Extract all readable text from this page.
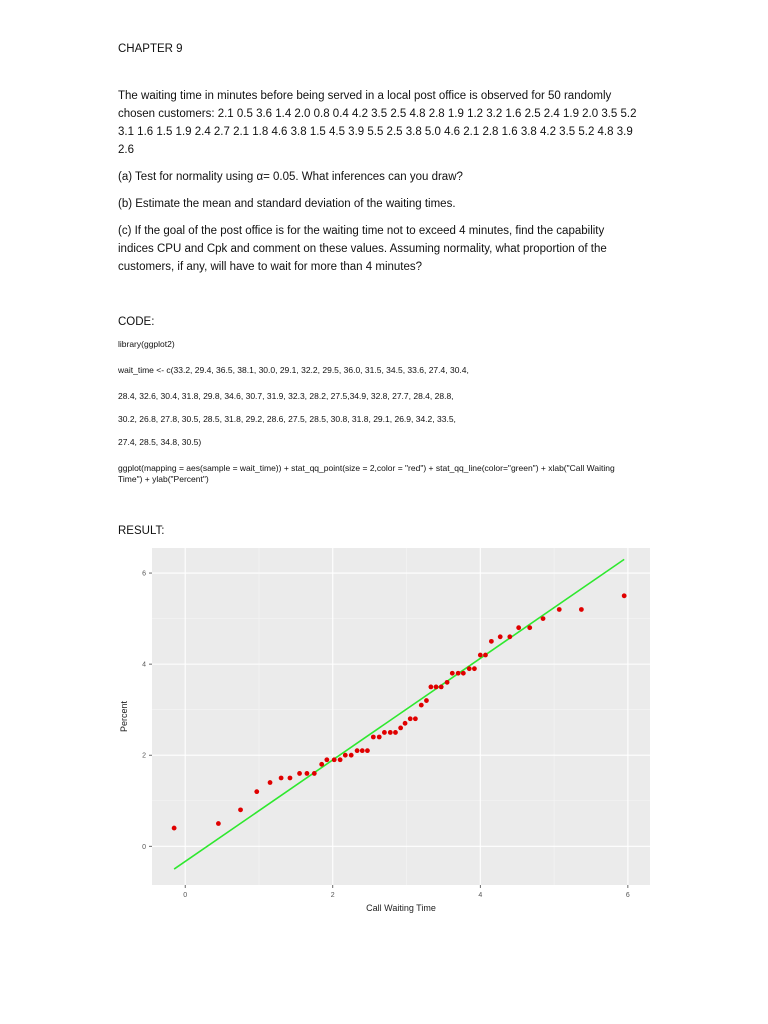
CHAPTER 9

The waiting time in minutes before being served in a local post office is observed for 50 randomly chosen customers: 2.1 0.5 3.6 1.4 2.0 0.8 0.4 4.2 3.5 2.5 4.8 2.8 1.9 1.2 3.2 1.6 2.5 2.4 1.9 2.0 3.5 5.2 3.1 1.6 1.5 1.9 2.4 2.7 2.1 1.8 4.6 3.8 1.5 4.5 3.9 5.5 2.5 3.8 5.0 4.6 2.1 2.8 1.6 3.8 4.2 3.5 5.2 4.8 3.9 2.6

(a) Test for normality using α= 0.05. What inferences can you draw?

(b) Estimate the mean and standard deviation of the waiting times.

(c) If the goal of the post office is for the waiting time not to exceed 4 minutes, find the capability indices CPU and Cpk and comment on these values. Assuming normality, what proportion of the customers, if any, will have to wait for more than 4 minutes?

CODE:
library(ggplot2)
wait_time <- c(33.2, 29.4, 36.5, 38.1, 30.0, 29.1, 32.2, 29.5, 36.0, 31.5, 34.5, 33.6, 27.4, 30.4,
28.4, 32.6, 30.4, 31.8, 29.8, 34.6, 30.7, 31.9, 32.3, 28.2, 27.5,34.9, 32.8, 27.7, 28.4, 28.8,
30.2, 26.8, 27.8, 30.5, 28.5, 31.8, 29.2, 28.6, 27.5, 28.5, 30.8, 31.8, 29.1, 26.9, 34.2, 33.5,
27.4, 28.5, 34.8, 30.5)
ggplot(mapping = aes(sample = wait_time)) + stat_qq_point(size = 2,color = "red") + stat_qq_line(color="green") + xlab("Call Waiting Time") + ylab("Percent")
RESULT:
0	2	4	6
0
2
4
6
Call Waiting Time
Percent
